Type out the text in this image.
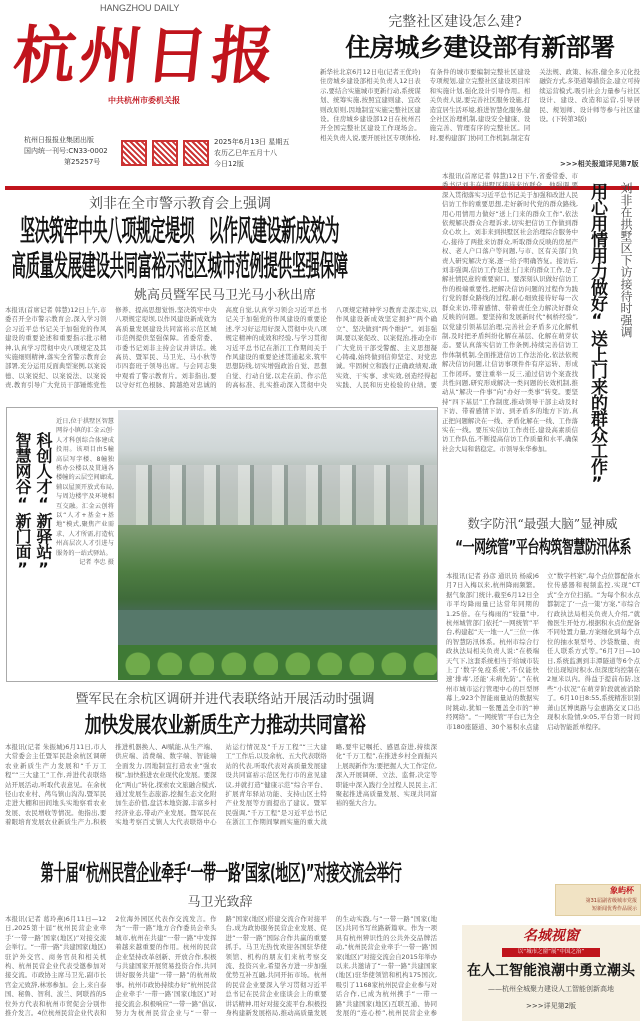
HANGZHOU DAILY
杭州日报
中共杭州市委机关报
杭州日报报业集团出版
国内统一刊号:CN33-0002
第25257号
2025年6月13日 星期五
农历乙巳年五月十八
今日12版
完整社区建设怎么建?
住房城乡建设部有新部署
新华社北京6月12日电(记者王优玲)住房城乡建设部相关负责人12日表示,要结合实施城市更新行动,系统谋划、统筹实施,按照宜建则建、宜改则改原则,因地制宜实施完整社区建设。住房城乡建设部12日在杭州召开全国完整社区建设工作现场会。相关负责人说,要开展社区专项体检,有条件的城市要编制完整社区建设专项规划,建立完整社区建设项目库和实施计划,强化设计引导作用。相关负责人说,要完善社区服务设施,打造宜居生活环境,推进智慧化服务,健全社区治理机制,建设安全健康、设施完善、管理有序的完整社区。同时,要构建部门协同工作机制,制定有关法规、政策、标准,健全多元化投融资方式,多渠道筹措资金,建立可持续运营模式,吸引社会力量参与社区设计、建设、改造和运营,引导居民、规划师、设计师等参与社区建设。(下转第3版)
>>>相关报道详见第7版
刘非在全市警示教育会上强调
坚决筑牢中央八项规定堤坝　以作风建设新成效为
高质量发展建设共同富裕示范区城市范例提供坚强保障
姚高员暨军民马卫光马小秋出席
本报讯(首席记者 韩慧)12日上午,市委召开全市警示教育会,深入学习领会习近平总书记关于加强党的作风建设的重要论述和重要指示批示精神,认真学习贯彻中央八项规定及其实施细则精神,落实全省警示教育会部署,充分运用反面典型案例,以案说德、以案说纪、以案说法、以案说责,教育引导广大党员干部锤炼党性修养、提高思想觉悟,坚决筑牢中央八项规定堤坝,以作风建设新成效为高质量发展建设共同富裕示范区城市范例提供坚强保障。省委常委、市委书记刘非主持会议并讲话。姚高员、暨军民、马卫光、马小秋等市四套班子领导出席。与会同志集中观看了警示教育片。刘非指出,要以守好红色根脉、跨越绝对忠诚的高度自觉,认真学习领会习近平总书记关于加强党的作风建设的重要论述,学习好运用好深入贯彻中央八项规定精神的成效和经验,与学习贯彻习近平总书记在浙江工作期间关于作风建设的重要论述贯通起来,筑牢思想防线,切实增强政治自觉、思想自觉、行动自觉,以走在前、作示范的高标准、扎实推动深入贯彻中央八项规定精神学习教育走深走实,以作风建设新成效坚定拥护“两个确立”、坚决做到“两个维护”。刘非强调,要以案促改、以案促治,推动全市广大党员干部受警醒、主义思想凝心铸魂,始终做到信仰坚定、对党忠诚。牢固树立和践行正确政绩观,敢实效、干实事、求实效,创造经得起实践、人民和历史检验的业绩。要
本报讯(首席记者 韩慧)12日下午,省委常委、市委书记刘非在拱墅区接待来访群众。他强调,要深入贯彻落实习近平总书记关于加强和改进人民信访工作的重要思想,走好新时代党的群众路线,用心用情用力做好“送上门来的群众工作”,依法依规解决群众合理诉求,切实把信访工作做到群众心坎上。刘非来到拱墅区社会治理综合服务中心,接待了两批来访群众,听取群众反映的房屋产权、老人户口落户等问题,与市、区有关部门负责人研究解决方案,逐一给予明确答复。接访后,刘非强调,信访工作是送上门来的群众工作,是了解社情民意的重要窗口。要深刻认识做好信访工作的极端重要性,把解决信访问题的过程作为践行党的群众路线的过程,耐心细致接待好每一次群众来访,带着感情、带着责任全力解决好群众反映的问题。要坚持和发展新时代“枫桥经验”,以党建引领基层治理,完善社会矛盾多元化解机制,及时把矛盾纠纷化解在基层、化解在萌芽状态。要认真落实信访工作条例,持续完善信访工作体制机制,全面推进信访工作法治化,依法依规解决信访问题,让信访事项件件有序运转、形成工作闭环。要注重举一反三,通过信访个案查找共性问题,研究形成解决一类问题的长效机制,推动从“解决一件事”向“办好一类事”转变。要坚持“四下基层”工作制度,推动领导干部主动及时下访、带着感情下访、到矛盾多的地方下访,真正把问题解决在一线、矛盾化解在一线、工作落实在一线。要压实信访工作责任,建设高素质信访工作队伍,不断提高信访工作质量和水平,确保社会大局和谐稳定。市领导朱华参加。	用心用情用力做好“送上门来的群众工作” 刘非在拱墅区下访接待时强调
科创人才“新驿站”
智慧网谷“新门面”
近日,位于拱墅区智慧网谷小镇的汇金云创·人才科创综合体建成投用。该项目由5幢高层写字楼、8幢独栋办公楼以及贯通各楼幢的云层空间廊成,辅以屋顶开放式布局,与周边楼宇及环境相互交融。汇金云创将以“人才+基金+基地”模式,聚焦产业需求、人才所需,打造杭州高层次人才引进与服务的一站式驿站。
记者 李忠 摄
数字防汛“最强大脑”显神威
“一网统管”平台构筑智慧防汛体系
本报讯(记者 孙彦 通讯员 杨威)6月7日入梅以来,杭州降雨频繁。据气象部门统计,截至6月12日全市平均降雨量已达常年同期的1.25倍。在与梅雨的“较量”中,杭州城管部门依托“一网统管”平台,构建起“天一地一人”三位一体的智慧防汛体系。杭州市综合行政执法局相关负责人说:“在极端天气下,这套系统相当于给城市装上了‘数字免疫系统’,不仅能快速‘排毒’,还能‘未病先防’。”在杭州市城市运行管理中心的巨型屏幕上,923个智能雨量站的数据实时跳动,犹如一张覆盖全市的“神经网络”。“一网统管”平台已为全市180座隧道、30个易积水点建立“数字档案”,每个点位都配备水位传感器和视频监控,实现“CT式”全方位扫描。“为每个积水点都制定了‘一点一策’方案,”市综合行政执法局相关负责人介绍,“就像医生开处方,根据积水点位配备不同处置力量,方案细化到每个点位的抽水泵型号、沙袋数量、责任人联系方式等。”6月7日—10日,系统监测到丰潭隧道等6个点位出现短时积水,但深度均控制在2厘米以内。得益于提前布防,这些“小状况”在萌芽阶段就被消除了。6月10日8:55,系统精准识别萧山区博奥路与金惠路交叉口出现积水险情,9:05,平台第一时间启动智能派单程序。
暨军民在余杭区调研并进代表联络站开展活动时强调
加快发展农业新质生产力推动共同富裕
本报讯(记者 朱振城)6月11日,市人大常委会主任暨军民赴余杭区调研农业新质生产力发展和“千万工程”“三大建工”工作,并进代表联络站开展活动,听取代表意见。在余杭径山农业村、鸬鸟镇山沟沟,暨军民走进大棚和田间地头实地察看农业发展、农民增收等情况。他指出,要着眼培育发展农业新质生产力,积极推进机器换人、AI赋能,从生产端、供应端、消费端、数字端、智能端全面发力,因地制宜打造农业“强农模”,加快推进农业现代化发展。要深化“两山”转化,探索农文旅融合模式,通过发展生态旅游,挖掘生态文化附加生态价值,盘活本地资源,丰富乡村经济业态,带动产业发展。暨军民在实地考察百丈镇人大代表联络中心站运行情况及“千万工程”“三大建工”工作后,以及余杭、五大代表联络站的代表,听取代表对高质量发展建设共同富裕示范区先行市的意见建议,并就打造“健康示范”综合平台、扩展青年驿站功能、支持山区土特产业发展等方面提出了建议。暨军民强调,“千万工程”是习近平总书记在浙江工作期间擘画实施的重大战略,要牢记嘱托、感恩奋进,持续深化“千万工程”,在推进乡村全面振兴上展现新作为;要把握人大工作定位,深入开展调研、立法、监督,决定等职能中深入践行全过程人民民主,汇聚起推进高质量发展、实现共同富裕的强大合力。
第十届“杭州民营企业牵手‘一带一路’国家(地区)”对接交流会举行
马卫光致辞
本报讯(记者 葛玲燕)6月11日—12日,2025第十届“杭州民营企业牵手‘一带一路’国家(地区)”对接交流会举行。“一带一路”共建国家(地区)驻沪外交官、商务官员和相关机构、杭州民营企业代表受邀参加对接交流。市政协主席马卫光,副市长官金元致辞,林寒参加。会上,来自泰国、秘鲁、智利、波兰、阿联酋的5位外方代表和杭州市贸促会分别作推介发言。4位杭州民营企业代表和2位海外园区代表作交流发言。作为“一带一路”地方合作委员会牵头城市,杭州在共建“一带一路”中发挥着越来越重要的作用。杭州的民营企业坚持改革创新、开放合作,积极与共建国家开展贸易投资合作,共同讲好服务共建“一带一路”的杭州故事。杭州市政协持续办好“杭州民营企业牵手‘一带一路’国家(地区)”对接交流会,积极响应“一带一路”倡议,努力为杭州民营企业与“一带一路”国家(地区)搭建交流合作对接平台,成为政协服务民营企业发展、促进“一带一路”国际合作共赢的重要抓手。马卫光热忱欢迎各国驻华使领馆、机构的朋友们来杭考察交流、投资兴业,希望各方进一步加强优势互补互融,共同开拓市场。杭州的民营企业要深入学习贯彻习近平总书记在民营企业座谈会上的重要讲话精神,用好对接交流平台,积极投身构建新发展格局,推动高质量发展的生动实践,与“一带一路”国家(地区)共同书写丝路新篇章。作为一项具有杭州辨识性的公共外交品牌活动,“杭州民营企业牵手‘一带一路’国家(地区)”对接交流会自2015年举办以来,共邀请了“一带一路”共建国家(地区)驻华使领馆和机构175国次,吸引了1168家杭州民营企业参与对话合作,已成为杭州携手“一带一路”共建国家(地区)互联互通、协同发展的“连心桥”,杭州民营企业参
象屿杯
第31届副省级城市党报
短新闻优秀作品展示
名城视窗
以“城市之窗”展“中国之治”
在人工智能浪潮中勇立潮头
——杭州全城聚力建设人工智能创新高地
>>>详见第2版
